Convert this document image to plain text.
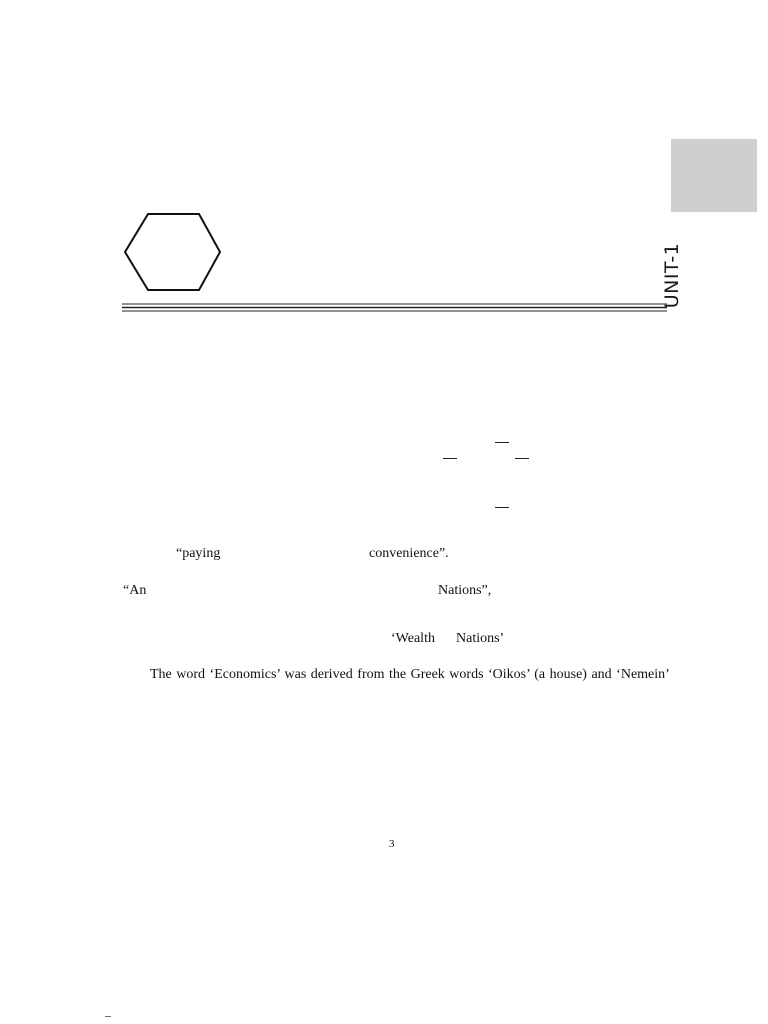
UNIT-1
“paying	convenience”.
“An	Nations”,
‘Wealth Nations’
The word ‘Economics’ was derived from the Greek words ‘Oikos’ (a house) and ‘Nemein’
3
–
